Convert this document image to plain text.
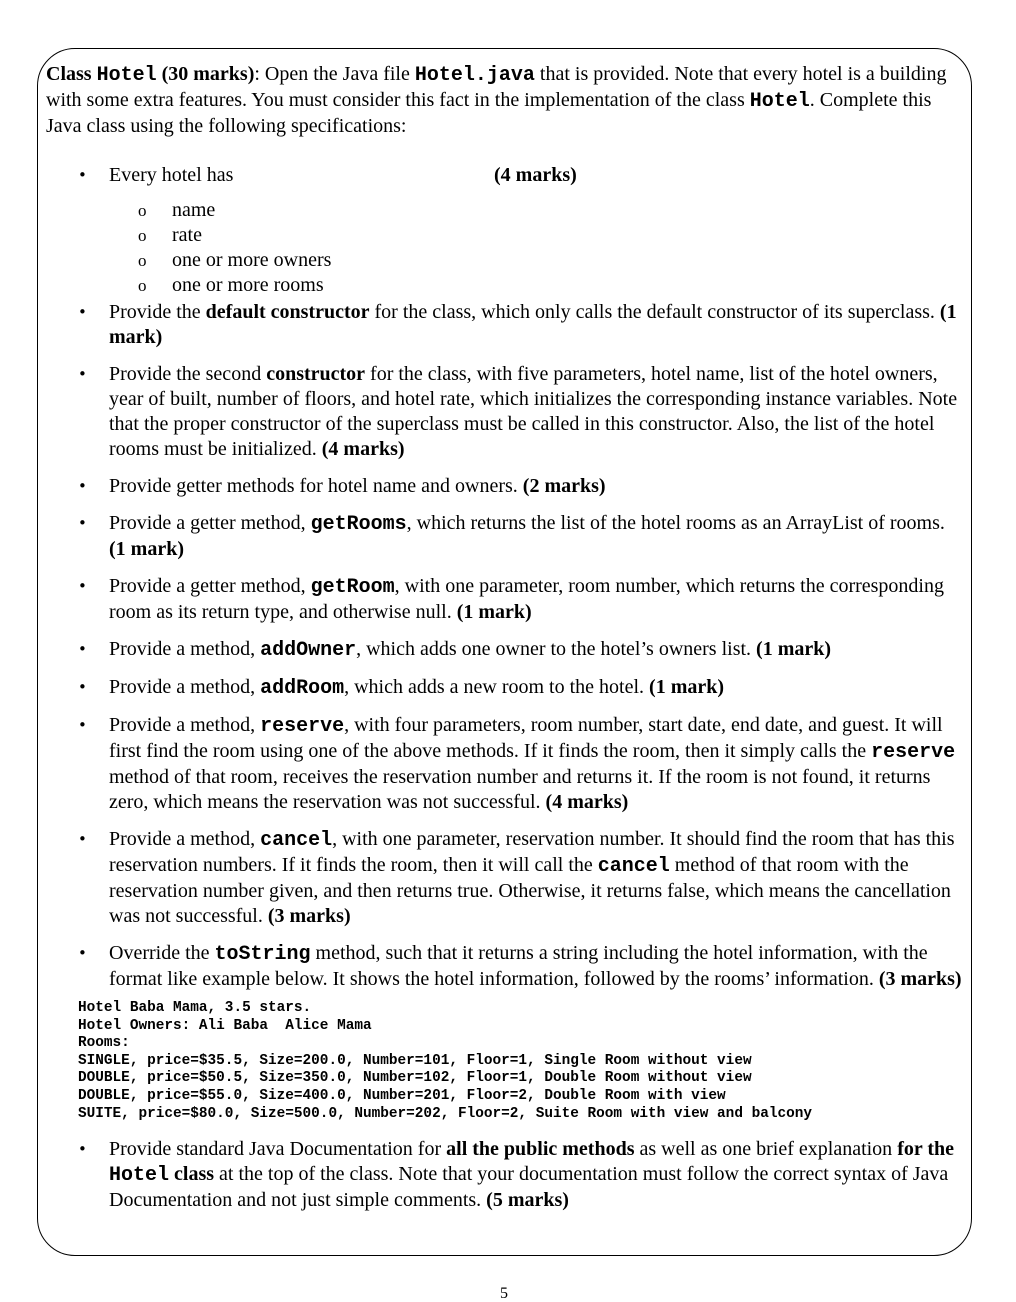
Class Hotel (30 marks): Open the Java file Hotel.java that is provided. Note that every hotel is a building with some extra features. You must consider this fact in the implementation of the class Hotel. Complete this Java class using the following specifications:

• Every hotel has	(4 marks)
o name
o rate
o one or more owners
o one or more rooms
• Provide the default constructor for the class, which only calls the default constructor of its superclass. (1 mark)
• Provide the second constructor for the class, with five parameters, hotel name, list of the hotel owners, year of built, number of floors, and hotel rate, which initializes the corresponding instance variables. Note that the proper constructor of the superclass must be called in this constructor. Also, the list of the hotel rooms must be initialized. (4 marks)
• Provide getter methods for hotel name and owners. (2 marks)
• Provide a getter method, getRooms, which returns the list of the hotel rooms as an ArrayList of rooms. (1 mark)
• Provide a getter method, getRoom, with one parameter, room number, which returns the corresponding room as its return type, and otherwise null. (1 mark)
• Provide a method, addOwner, which adds one owner to the hotel’s owners list. (1 mark)
• Provide a method, addRoom, which adds a new room to the hotel. (1 mark)
• Provide a method, reserve, with four parameters, room number, start date, end date, and guest. It will first find the room using one of the above methods. If it finds the room, then it simply calls the reserve method of that room, receives the reservation number and returns it. If the room is not found, it returns zero, which means the reservation was not successful. (4 marks)
• Provide a method, cancel, with one parameter, reservation number. It should find the room that has this reservation numbers. If it finds the room, then it will call the cancel method of that room with the reservation number given, and then returns true. Otherwise, it returns false, which means the cancellation was not successful. (3 marks)
• Override the toString method, such that it returns a string including the hotel information, with the format like example below. It shows the hotel information, followed by the rooms’ information. (3 marks)
Hotel Baba Mama, 3.5 stars.
Hotel Owners: Ali Baba  Alice Mama
Rooms:
SINGLE, price=$35.5, Size=200.0, Number=101, Floor=1, Single Room without view
DOUBLE, price=$50.5, Size=350.0, Number=102, Floor=1, Double Room without view
DOUBLE, price=$55.0, Size=400.0, Number=201, Floor=2, Double Room with view
SUITE, price=$80.0, Size=500.0, Number=202, Floor=2, Suite Room with view and balcony
• Provide standard Java Documentation for all the public methods as well as one brief explanation for the Hotel class at the top of the class. Note that your documentation must follow the correct syntax of Java Documentation and not just simple comments. (5 marks)
5
